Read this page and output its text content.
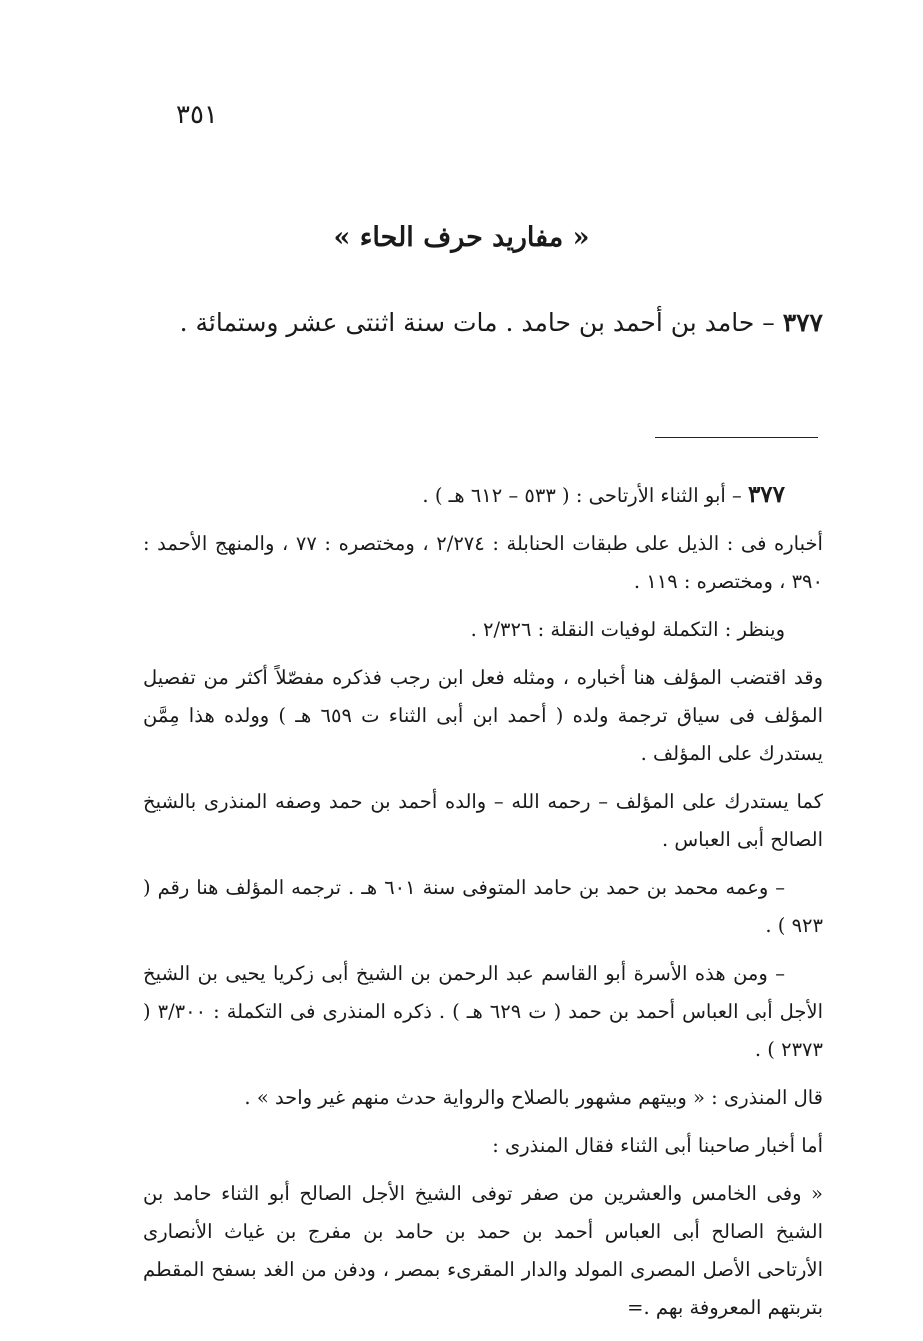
٣٥١
« مفاريد حرف الحاء »
٣٧٧ – حامد بن أحمد بن حامد . مات سنة اثنتى عشر وستمائة .

٣٧٧ – أبو الثناء الأرتاحى : ( ٥٣٣ – ٦١٢ هـ ) .

أخباره فى : الذيل على طبقات الحنابلة : ٢/٢٧٤ ، ومختصره : ٧٧ ، والمنهج الأحمد : ٣٩٠ ، ومختصره : ١١٩ .

وينظر : التكملة لوفيات النقلة : ٢/٣٢٦ .

وقد اقتضب المؤلف هنا أخباره ، ومثله فعل ابن رجب فذكره مفصّلاً أكثر من تفصيل المؤلف فى سياق ترجمة ولده ( أحمد ابن أبى الثناء ت ٦٥٩ هـ ) وولده هذا مِمَّن يستدرك على المؤلف .

كما يستدرك على المؤلف – رحمه الله – والده أحمد بن حمد وصفه المنذرى بالشيخ الصالح أبى العباس .

– وعمه محمد بن حمد بن حامد المتوفى سنة ٦٠١ هـ . ترجمه المؤلف هنا رقم ( ٩٢٣ ) .

– ومن هذه الأسرة أبو القاسم عبد الرحمن بن الشيخ أبى زكريا يحيى بن الشيخ الأجل أبى العباس أحمد بن حمد ( ت ٦٢٩ هـ ) . ذكره المنذرى فى التكملة : ٣/٣٠٠ ( ٢٣٧٣ ) .

قال المنذرى : « وبيتهم مشهور بالصلاح والرواية حدث منهم غير واحد » .

أما أخبار صاحبنا أبى الثناء فقال المنذرى :

« وفى الخامس والعشرين من صفر توفى الشيخ الأجل الصالح أبو الثناء حامد بن الشيخ الصالح أبى العباس أحمد بن حمد بن حامد بن مفرج بن غياث الأنصارى الأرتاحى الأصل المصرى المولد والدار المقرىء بمصر ، ودفن من الغد بسفح المقطم بتربتهم المعروفة بهم .=
